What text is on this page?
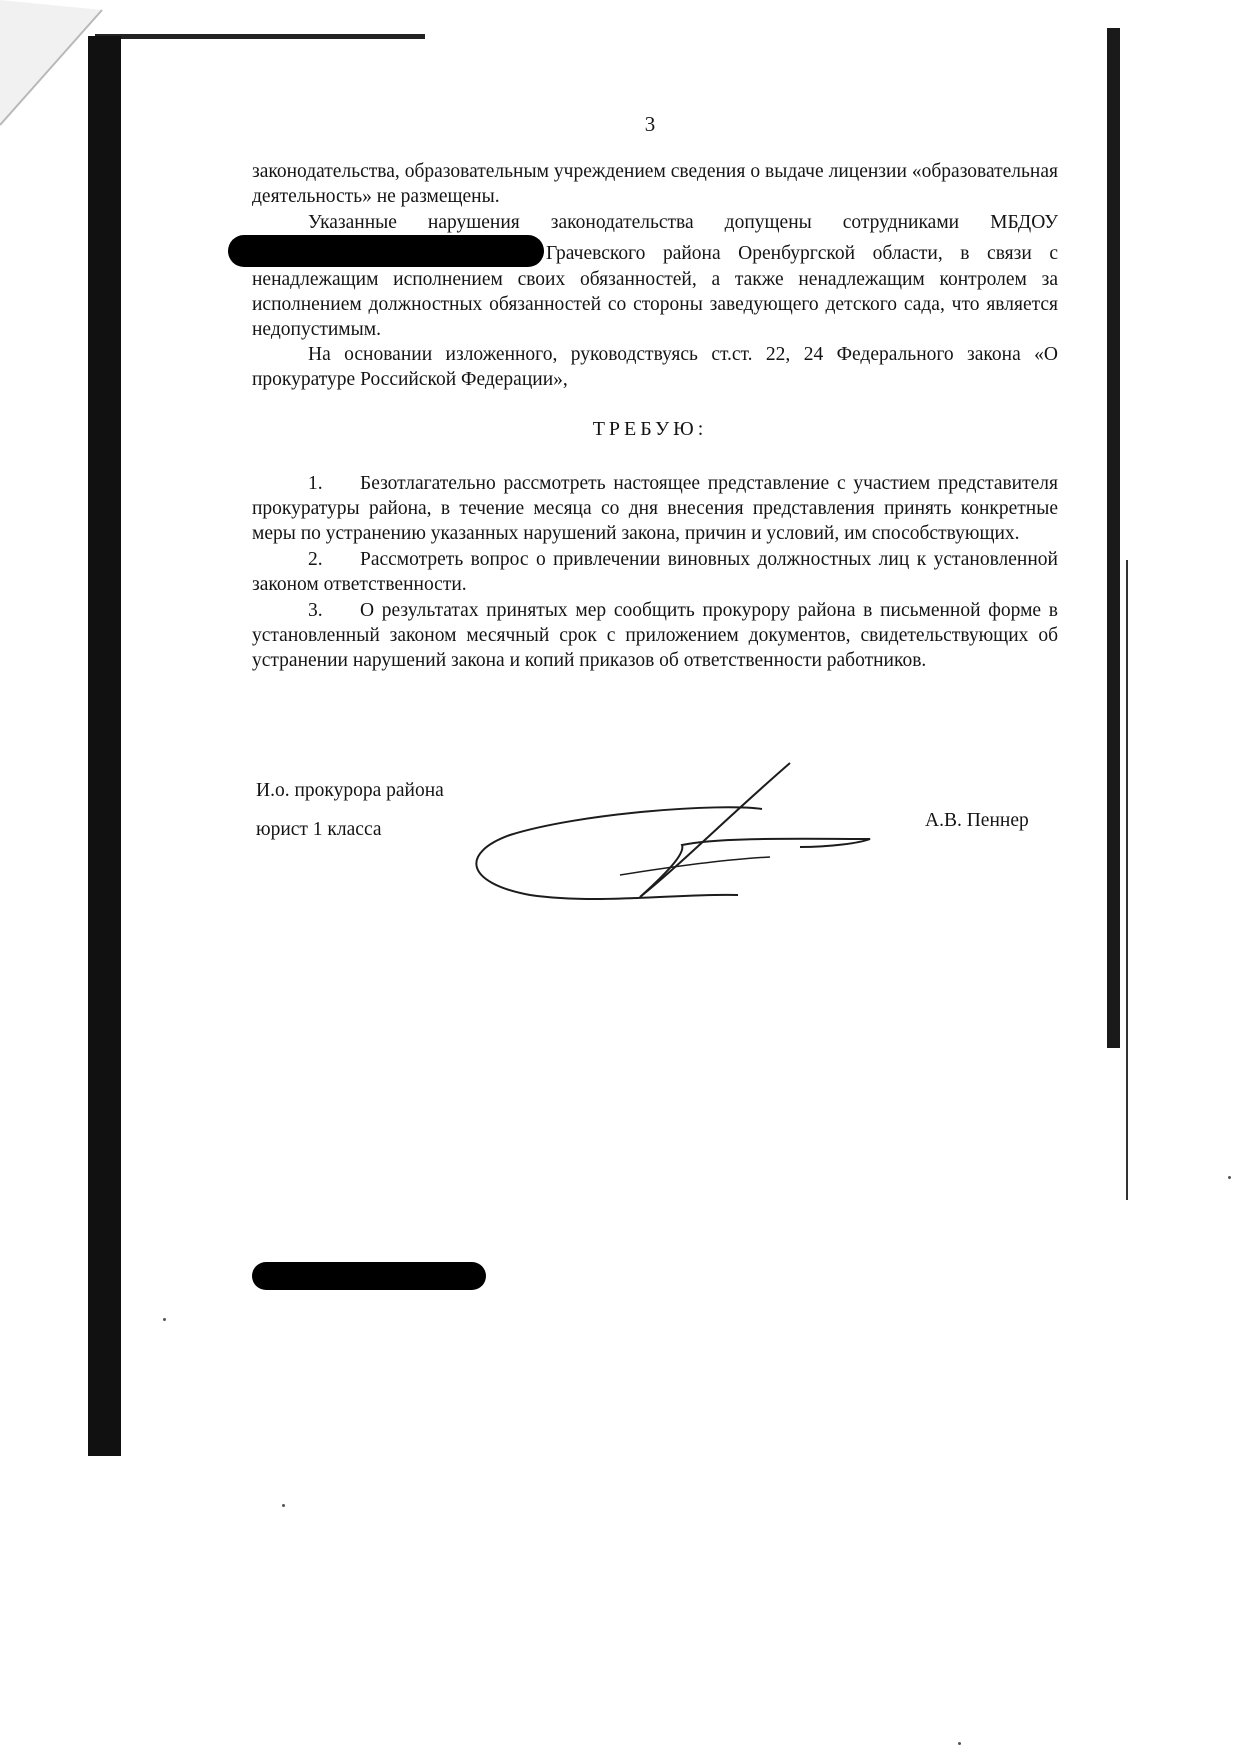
3

законодательства, образовательным учреждением сведения о выдаче лицензии «образовательная деятельность» не размещены.

Указанные нарушения законодательства допущены сотрудниками МБДОУ Грачевского района Оренбургской области, в связи с ненадлежащим исполнением своих обязанностей, а также ненадлежащим контролем за исполнением должностных обязанностей со стороны заведующего детского сада, что является недопустимым.

На основании изложенного, руководствуясь ст.ст. 22, 24 Федерального закона «О прокуратуре Российской Федерации»,

ТРЕБУЮ:

1. Безотлагательно рассмотреть настоящее представление с участием представителя прокуратуры района, в течение месяца со дня внесения представления принять конкретные меры по устранению указанных нарушений закона, причин и условий, им способствующих.

2. Рассмотреть вопрос о привлечении виновных должностных лиц к установленной законом ответственности.

3. О результатах принятых мер сообщить прокурору района в письменной форме в установленный законом месячный срок с приложением документов, свидетельствующих об устранении нарушений закона и копий приказов об ответственности работников.

И.о. прокурора района
юрист 1 класса	А.В. Пеннер
